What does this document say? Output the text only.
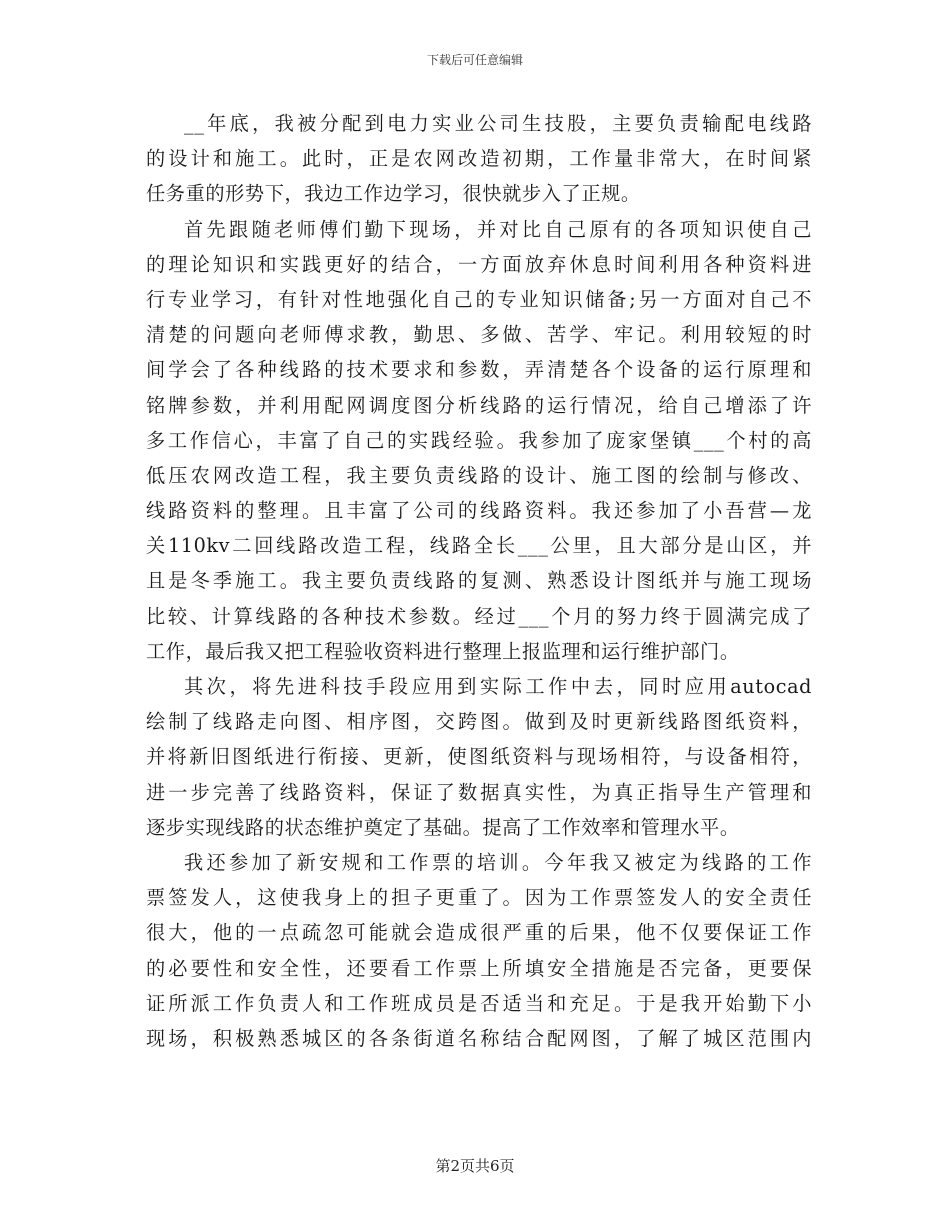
下载后可任意编辑
__年底，我被分配到电力实业公司生技股，主要负责输配电线路
的设计和施工。此时，正是农网改造初期，工作量非常大，在时间紧
任务重的形势下，我边工作边学习，很快就步入了正规。
首先跟随老师傅们勤下现场，并对比自己原有的各项知识使自己
的理论知识和实践更好的结合，一方面放弃休息时间利用各种资料进
行专业学习，有针对性地强化自己的专业知识储备;另一方面对自己不
清楚的问题向老师傅求教，勤思、多做、苦学、牢记。利用较短的时
间学会了各种线路的技术要求和参数，弄清楚各个设备的运行原理和
铭牌参数，并利用配网调度图分析线路的运行情况，给自己增添了许
多工作信心，丰富了自己的实践经验。我参加了庞家堡镇___个村的高
低压农网改造工程，我主要负责线路的设计、施工图的绘制与修改、
线路资料的整理。且丰富了公司的线路资料。我还参加了小吾营—龙
关110kv二回线路改造工程，线路全长___公里，且大部分是山区，并
且是冬季施工。我主要负责线路的复测、熟悉设计图纸并与施工现场
比较、计算线路的各种技术参数。经过___个月的努力终于圆满完成了
工作，最后我又把工程验收资料进行整理上报监理和运行维护部门。
其次，将先进科技手段应用到实际工作中去，同时应用autocad
绘制了线路走向图、相序图，交跨图。做到及时更新线路图纸资料，
并将新旧图纸进行衔接、更新，使图纸资料与现场相符，与设备相符，
进一步完善了线路资料，保证了数据真实性，为真正指导生产管理和
逐步实现线路的状态维护奠定了基础。提高了工作效率和管理水平。
我还参加了新安规和工作票的培训。今年我又被定为线路的工作
票签发人，这使我身上的担子更重了。因为工作票签发人的安全责任
很大，他的一点疏忽可能就会造成很严重的后果，他不仅要保证工作
的必要性和安全性，还要看工作票上所填安全措施是否完备，更要保
证所派工作负责人和工作班成员是否适当和充足。于是我开始勤下小
现场，积极熟悉城区的各条街道名称结合配网图，了解了城区范围内
第2页共6页
